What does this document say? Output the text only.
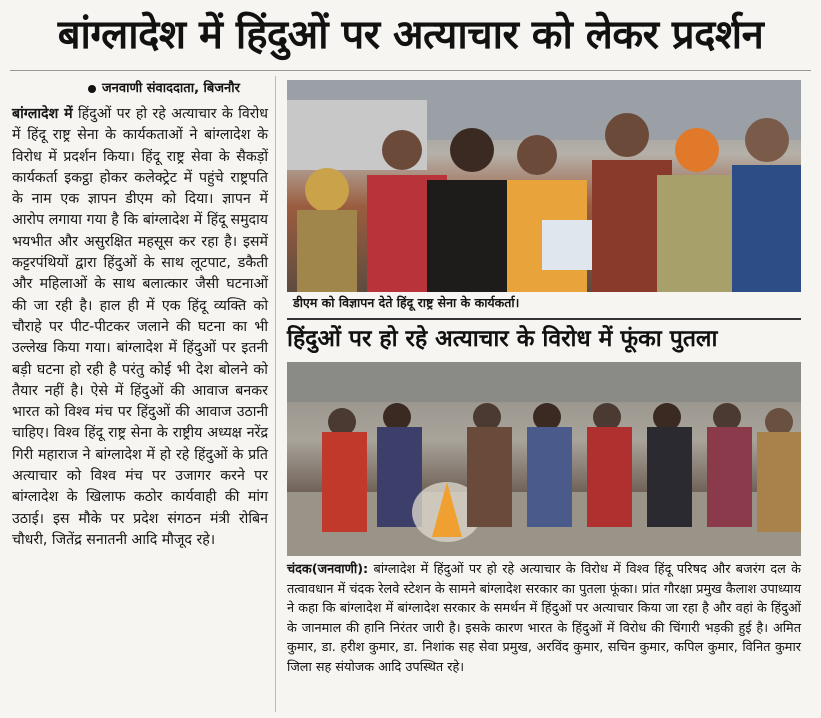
बांग्लादेश में हिंदुओं पर अत्याचार को लेकर प्रदर्शन
जनवाणी संवाददाता, बिजनौर

बांग्लादेश में हिंदुओं पर हो रहे अत्याचार के विरोध में हिंदू राष्ट्र सेना के कार्यकताओं ने बांग्लादेश के विरोध में प्रदर्शन किया। हिंदू राष्ट्र सेवा के सैकड़ों कार्यकर्ता इकट्ठा होकर कलेक्ट्रेट में पहुंचे राष्ट्रपति के नाम एक ज्ञापन डीएम को दिया। ज्ञापन में आरोप लगाया गया है कि बांग्लादेश में हिंदू समुदाय भयभीत और असुरक्षित महसूस कर रहा है। इसमें कट्टरपंथियों द्वारा हिंदुओं के साथ लूटपाट, डकैती और महिलाओं के साथ बलात्कार जैसी घटनाओं की जा रही है। हाल ही में एक हिंदू व्यक्ति को चौराहे पर पीट-पीटकर जलाने की घटना का भी उल्लेख किया गया। बांग्लादेश में हिंदुओं पर इतनी बड़ी घटना हो रही है परंतु कोई भी देश बोलने को तैयार नहीं है। ऐसे में हिंदुओं की आवाज बनकर भारत को विश्व मंच पर हिंदुओं की आवाज उठानी चाहिए। विश्व हिंदू राष्ट्र सेना के राष्ट्रीय अध्यक्ष नरेंद्र गिरी महाराज ने बांग्लादेश में हो रहे हिंदुओं के प्रति अत्याचार को विश्व मंच पर उजागर करने पर बांग्लादेश के खिलाफ कठोर कार्यवाही की मांग उठाई। इस मौके पर प्रदेश संगठन मंत्री रोबिन चौधरी, जितेंद्र सनातनी आदि मौजूद रहे।

डीएम को विज्ञापन देते हिंदू राष्ट्र सेना के कार्यकर्ता।
हिंदुओं पर हो रहे अत्याचार के विरोध में फूंका पुतला
चंदक(जनवाणी): बांग्लादेश में हिंदुओं पर हो रहे अत्याचार के विरोध में विश्व हिंदू परिषद और बजरंग दल के तत्वावधान में चंदक रेलवे स्टेशन के सामने बांग्लादेश सरकार का पुतला फूंका। प्रांत गौरक्षा प्रमुख कैलाश उपाध्याय ने कहा कि बांग्लादेश में बांग्लादेश सरकार के समर्थन में हिंदुओं पर अत्याचार किया जा रहा है और वहां के हिंदुओं के जानमाल की हानि निरंतर जारी है। इसके कारण भारत के हिंदुओं में विरोध की चिंगारी भड़की हुई है। अमित कुमार, डा. हरीश कुमार, डा. निशांक सह सेवा प्रमुख, अरविंद कुमार, सचिन कुमार, कपिल कुमार, विनित कुमार जिला सह संयोजक आदि उपस्थित रहे।
